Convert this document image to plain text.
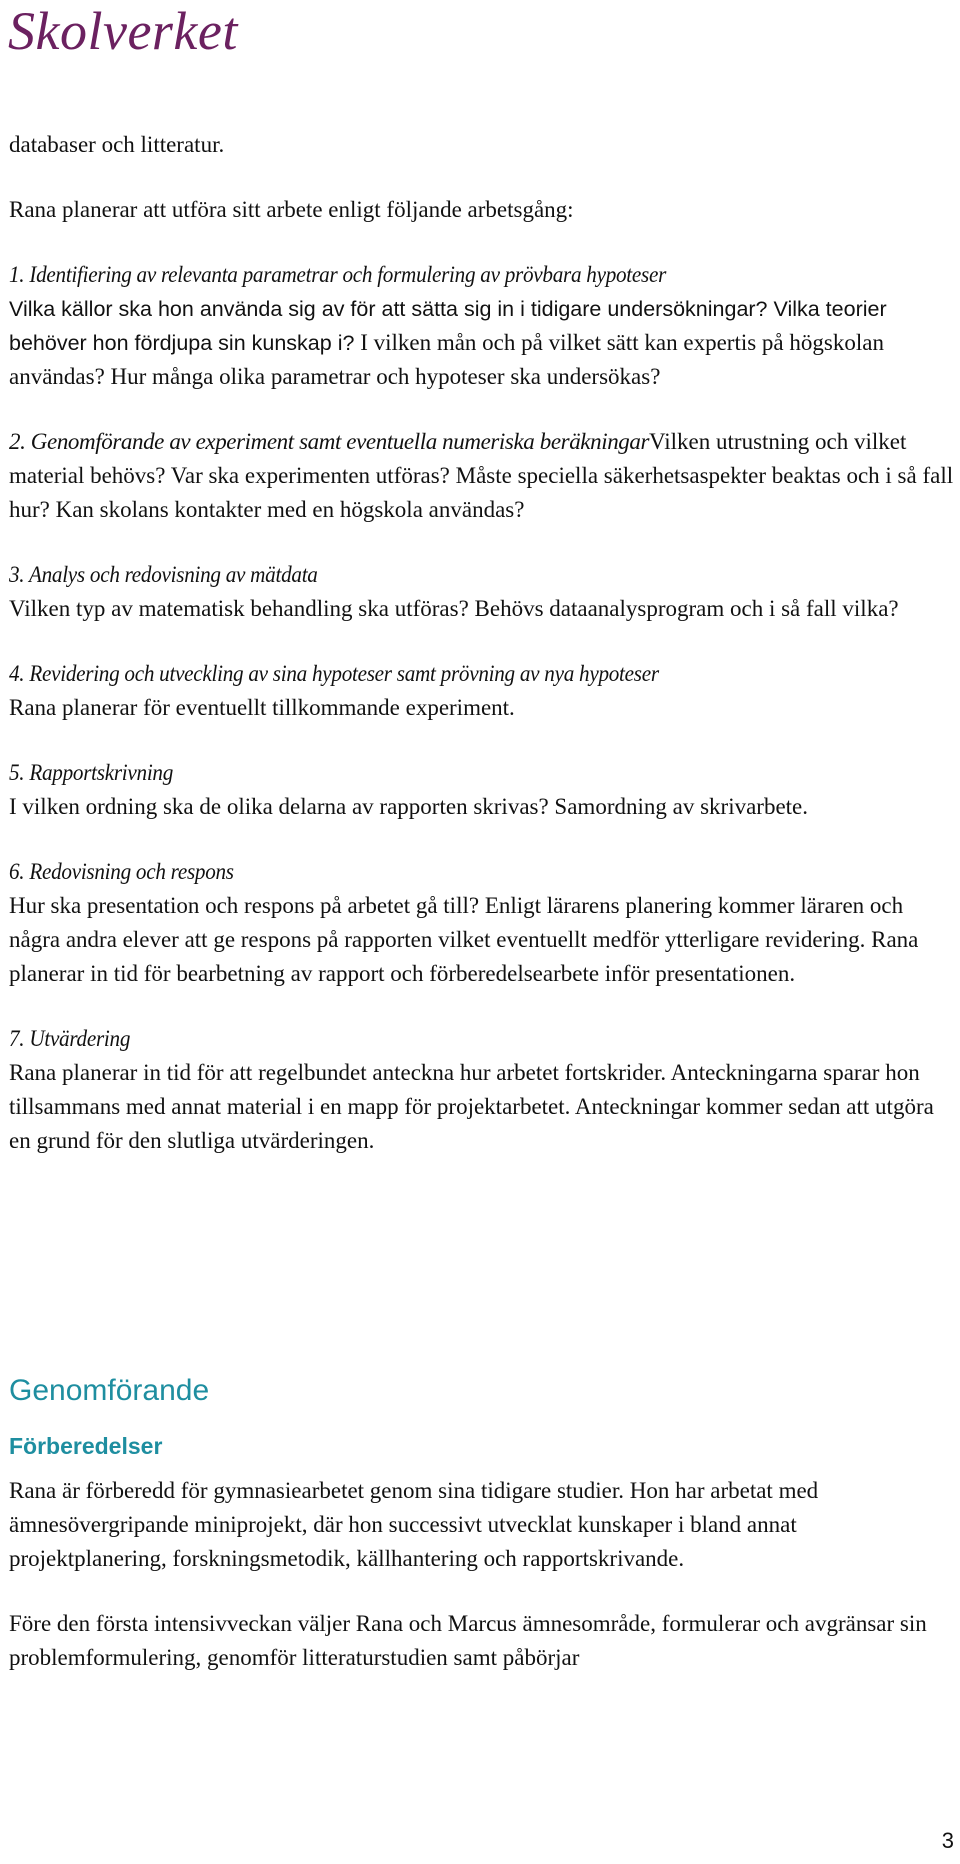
Skolverket

databaser och litteratur.

Rana planerar att utföra sitt arbete enligt följande arbetsgång:

1. Identifiering av relevanta parametrar och formulering av prövbara hypoteser
Vilka källor ska hon använda sig av för att sätta sig in i tidigare undersökningar? Vilka teorier behöver hon fördjupa sin kunskap i? I vilken mån och på vilket sätt kan expertis på högskolan användas? Hur många olika parametrar och hypoteser ska undersökas?

2. Genomförande av experiment samt eventuella numeriska beräkningarVilken utrustning och vilket material behövs? Var ska experimenten utföras? Måste speciella säkerhetsaspekter beaktas och i så fall hur? Kan skolans kontakter med en högskola användas?

3. Analys och redovisning av mätdata
Vilken typ av matematisk behandling ska utföras? Behövs dataanalysprogram och i så fall vilka?

4. Revidering och utveckling av sina hypoteser samt prövning av nya hypoteser
Rana planerar för eventuellt tillkommande experiment.

5. Rapportskrivning
I vilken ordning ska de olika delarna av rapporten skrivas? Samordning av skrivarbete.

6. Redovisning och respons
Hur ska presentation och respons på arbetet gå till? Enligt lärarens planering kommer läraren och några andra elever att ge respons på rapporten vilket eventuellt medför ytterligare revidering. Rana planerar in tid för bearbetning av rapport och förberedelsearbete inför presentationen.

7. Utvärdering
Rana planerar in tid för att regelbundet anteckna hur arbetet fortskrider. Anteckningarna sparar hon tillsammans med annat material i en mapp för projektarbetet. Anteckningar kommer sedan att utgöra en grund för den slutliga utvärderingen.

Genomförande
Förberedelser

Rana är förberedd för gymnasiearbetet genom sina tidigare studier. Hon har arbetat med ämnesövergripande miniprojekt, där hon successivt utvecklat kunskaper i bland annat projektplanering, forskningsmetodik, källhantering och rapportskrivande.

Före den första intensivveckan väljer Rana och Marcus ämnesområde, formulerar och avgränsar sin problemformulering, genomför litteraturstudien samt påbörjar

3
